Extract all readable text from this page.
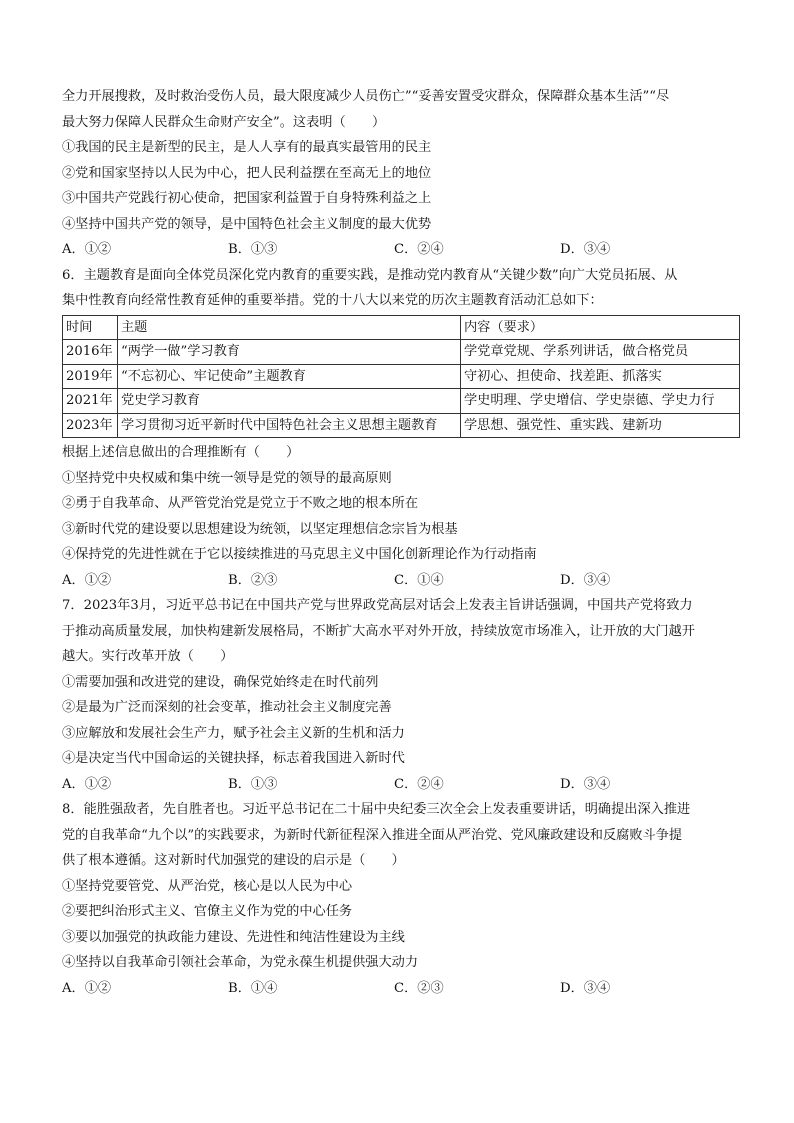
全力开展搜救，及时救治受伤人员，最大限度减少人员伤亡”“妥善安置受灾群众，保障群众基本生活”“尽

最大努力保障人民群众生命财产安全”。这表明（　　）

①我国的民主是新型的民主，是人人享有的最真实最管用的民主

②党和国家坚持以人民为中心，把人民利益摆在至高无上的地位

③中国共产党践行初心使命，把国家利益置于自身特殊利益之上

④坚持中国共产党的领导，是中国特色社会主义制度的最大优势

A．①②	B．①③	C．②④	D．③④

6．主题教育是面向全体党员深化党内教育的重要实践，是推动党内教育从“关键少数”向广大党员拓展、从

集中性教育向经常性教育延伸的重要举措。党的十八大以来党的历次主题教育活动汇总如下：

时间	主题	内容（要求）
2016年	“两学一做”学习教育	学党章党规、学系列讲话，做合格党员
2019年	“不忘初心、牢记使命”主题教育	守初心、担使命、找差距、抓落实
2021年	党史学习教育	学史明理、学史增信、学史崇德、学史力行
2023年	学习贯彻习近平新时代中国特色社会主义思想主题教育	学思想、强党性、重实践、建新功

根据上述信息做出的合理推断有（　　）

①坚持党中央权威和集中统一领导是党的领导的最高原则

②勇于自我革命、从严管党治党是党立于不败之地的根本所在

③新时代党的建设要以思想建设为统领，以坚定理想信念宗旨为根基

④保持党的先进性就在于它以接续推进的马克思主义中国化创新理论作为行动指南

A．①②	B．②③	C．①④	D．③④

7．2023年3月，习近平总书记在中国共产党与世界政党高层对话会上发表主旨讲话强调，中国共产党将致力

于推动高质量发展，加快构建新发展格局，不断扩大高水平对外开放，持续放宽市场准入，让开放的大门越开

越大。实行改革开放（　　）

①需要加强和改进党的建设，确保党始终走在时代前列

②是最为广泛而深刻的社会变革，推动社会主义制度完善

③应解放和发展社会生产力，赋予社会主义新的生机和活力

④是决定当代中国命运的关键抉择，标志着我国进入新时代

A．①②	B．①③	C．②④	D．③④

8．能胜强敌者，先自胜者也。习近平总书记在二十届中央纪委三次全会上发表重要讲话，明确提出深入推进

党的自我革命“九个以”的实践要求，为新时代新征程深入推进全面从严治党、党风廉政建设和反腐败斗争提

供了根本遵循。这对新时代加强党的建设的启示是（　　）

①坚持党要管党、从严治党，核心是以人民为中心

②要把纠治形式主义、官僚主义作为党的中心任务

③要以加强党的执政能力建设、先进性和纯洁性建设为主线

④坚持以自我革命引领社会革命，为党永葆生机提供强大动力

A．①②	B．①④	C．②③	D．③④
